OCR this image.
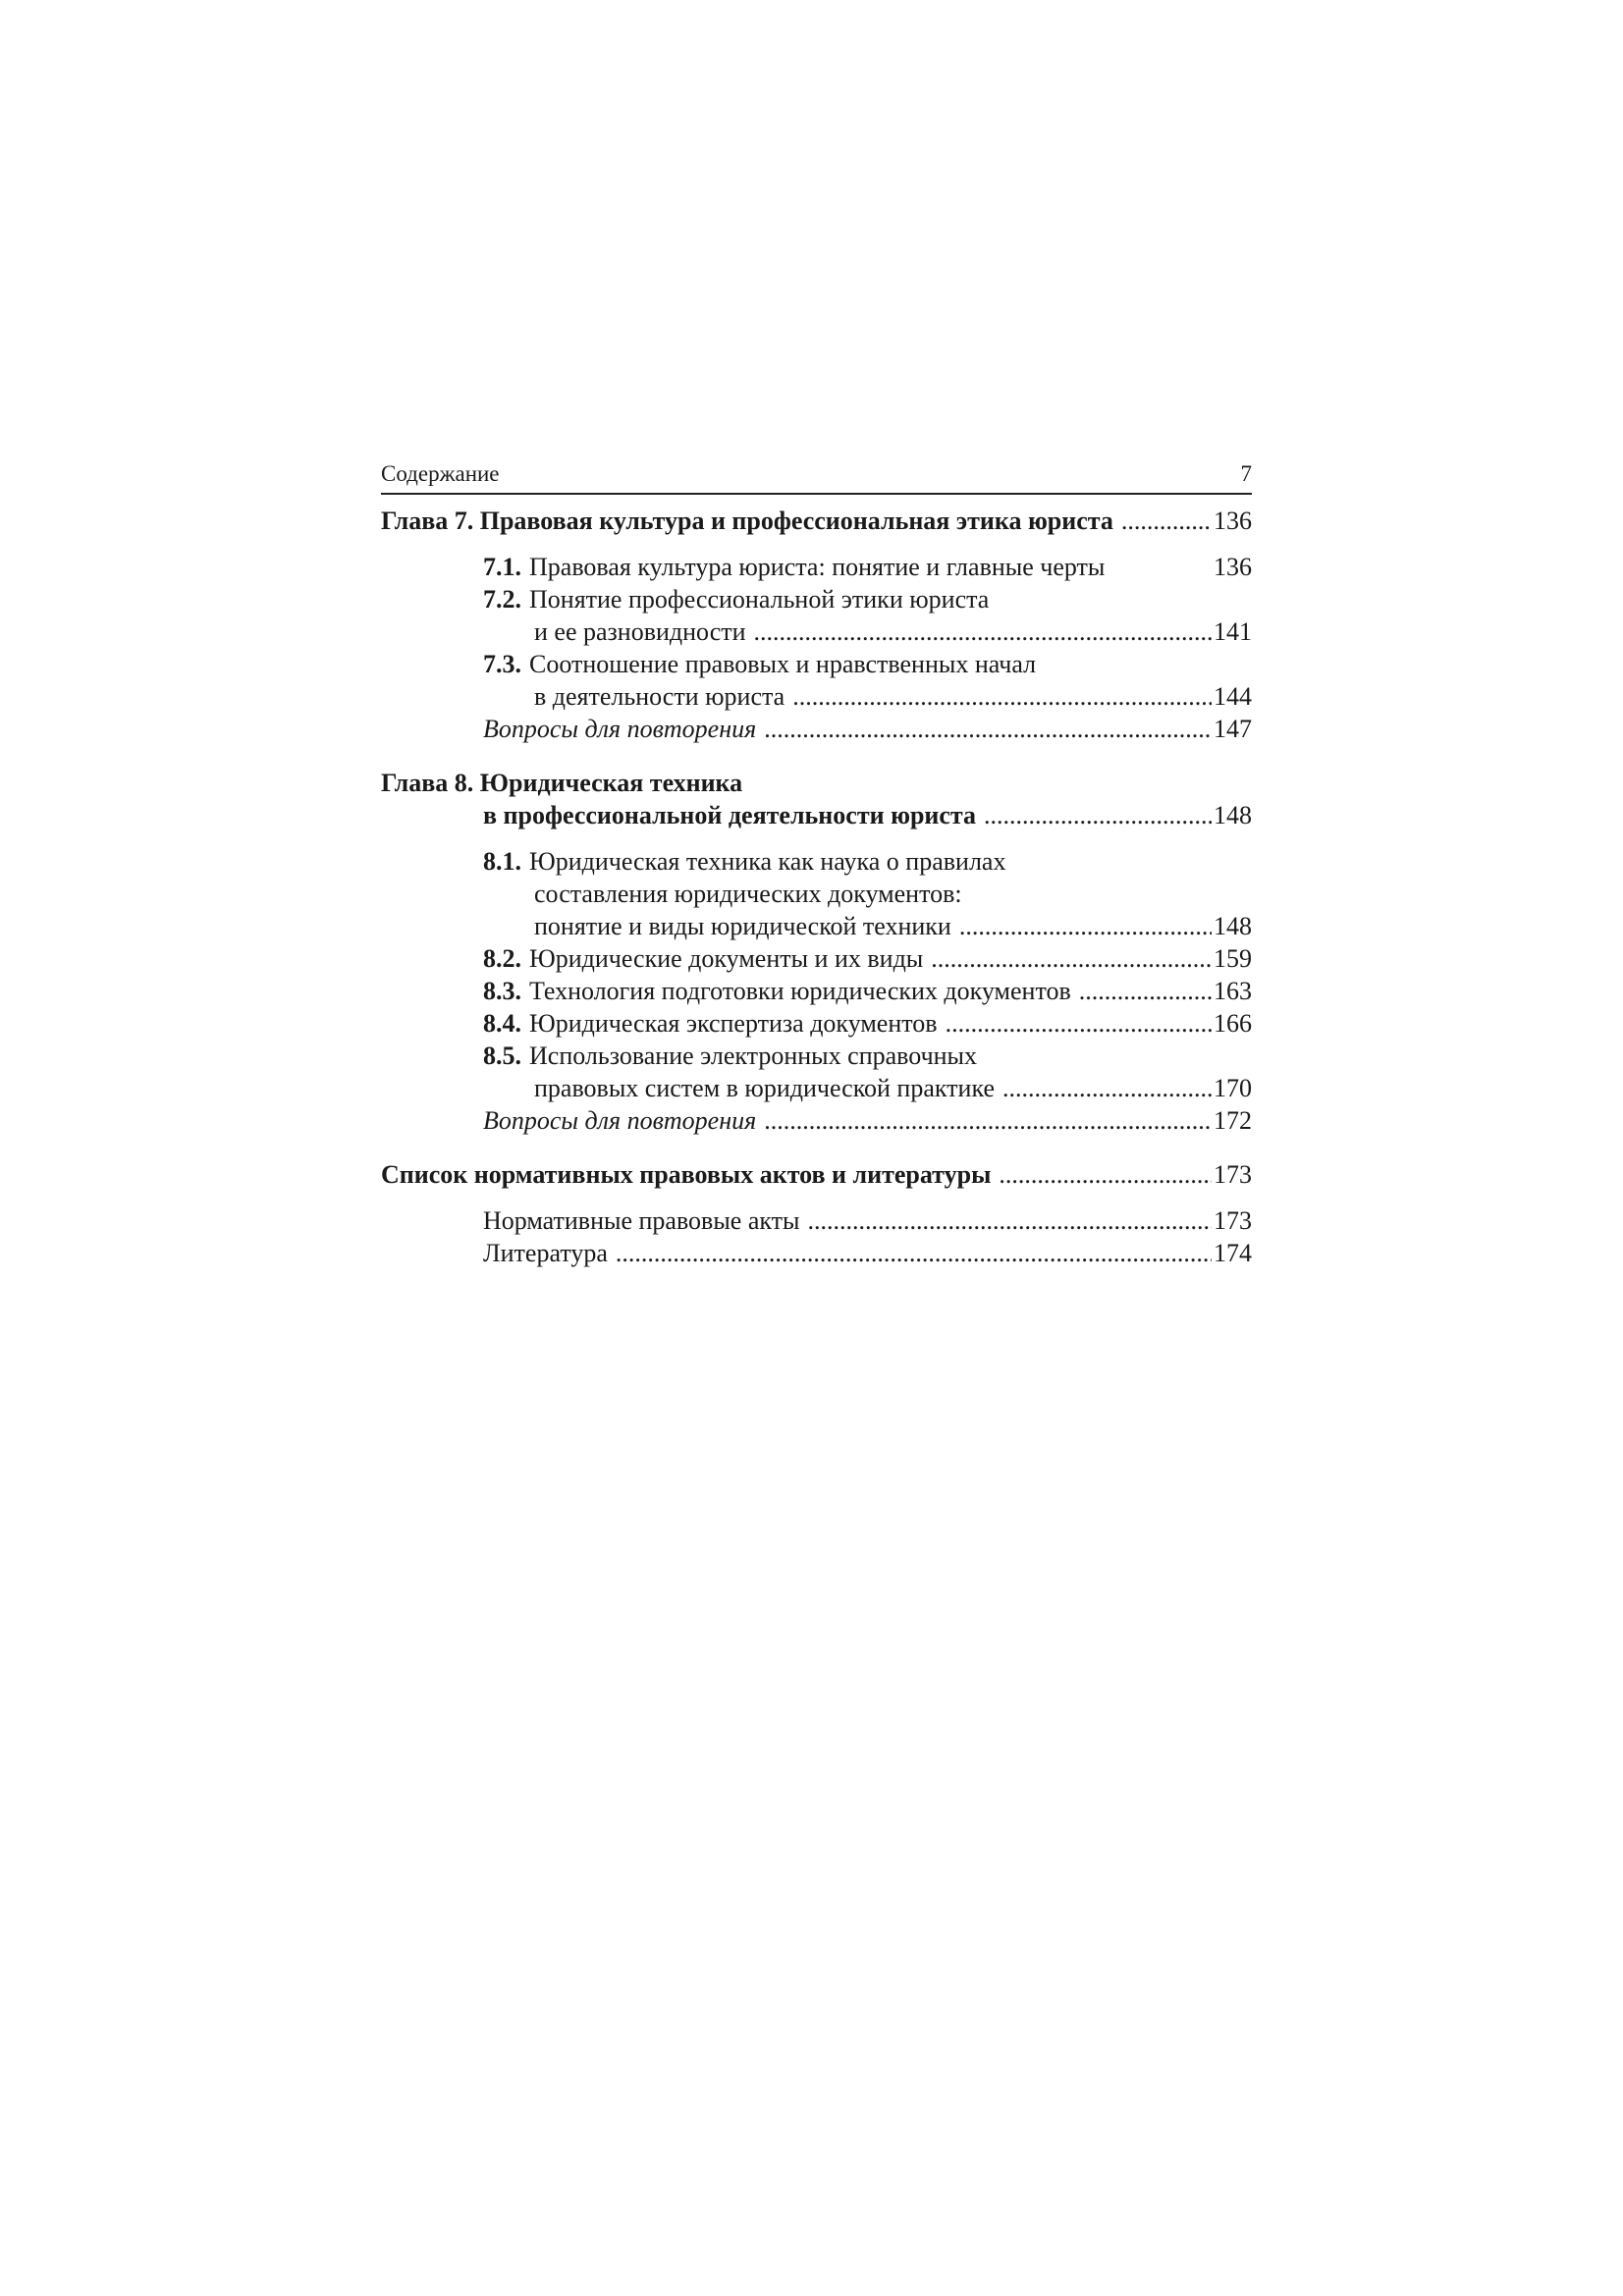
Содержание	7
Глава 7. Правовая культура и профессиональная этика юриста .....	136
7.1. Правовая культура юриста: понятие и главные черты	136
7.2. Понятие профессиональной этики юриста
и ее разновидности .....	141
7.3. Соотношение правовых и нравственных начал
в деятельности юриста .....	144
Вопросы для повторения .....	147
Глава 8. Юридическая техника
в профессиональной деятельности юриста .....	148
8.1. Юридическая техника как наука о правилах
составления юридических документов:
понятие и виды юридической техники .....	148
8.2. Юридические документы и их виды .....	159
8.3. Технология подготовки юридических документов .....	163
8.4. Юридическая экспертиза документов .....	166
8.5. Использование электронных справочных
правовых систем в юридической практике .....	170
Вопросы для повторения .....	172
Список нормативных правовых актов и литературы .....	173
Нормативные правовые акты .....	173
Литература .....	174
